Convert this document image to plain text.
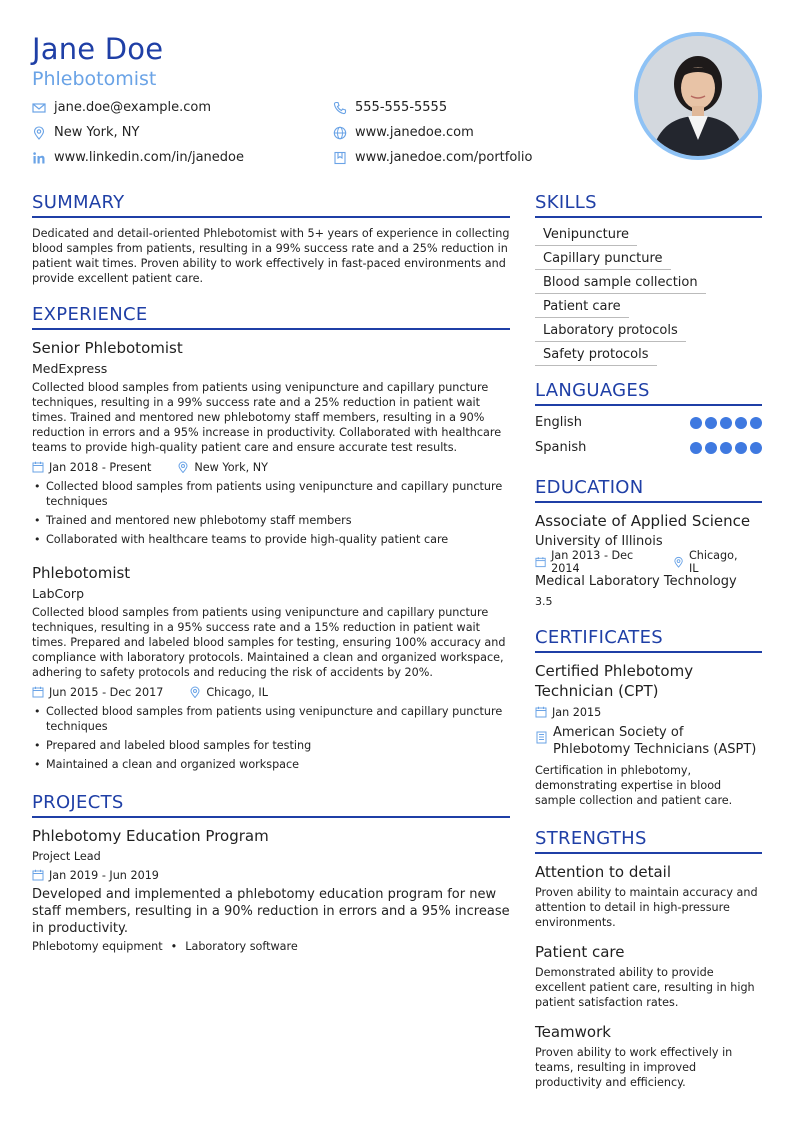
Jane Doe
Phlebotomist
jane.doe@example.com	555-555-5555
New York, NY	www.janedoe.com
www.linkedin.com/in/janedoe	www.janedoe.com/portfolio
SUMMARY
Dedicated and detail-oriented Phlebotomist with 5+ years of experience in collecting blood samples from patients, resulting in a 99% success rate and a 25% reduction in patient wait times. Proven ability to work effectively in fast-paced environments and provide excellent patient care.
EXPERIENCE
Senior Phlebotomist
MedExpress
Collected blood samples from patients using venipuncture and capillary puncture techniques, resulting in a 99% success rate and a 25% reduction in patient wait times. Trained and mentored new phlebotomy staff members, resulting in a 90% reduction in errors and a 95% increase in productivity. Collaborated with healthcare teams to provide high-quality patient care and ensure accurate test results.
Jan 2018 - Present	New York, NY
• Collected blood samples from patients using venipuncture and capillary puncture techniques
• Trained and mentored new phlebotomy staff members
• Collaborated with healthcare teams to provide high-quality patient care
Phlebotomist
LabCorp
Collected blood samples from patients using venipuncture and capillary puncture techniques, resulting in a 95% success rate and a 15% reduction in patient wait times. Prepared and labeled blood samples for testing, ensuring 100% accuracy and compliance with laboratory protocols. Maintained a clean and organized workspace, adhering to safety protocols and reducing the risk of accidents by 20%.
Jun 2015 - Dec 2017	Chicago, IL
• Collected blood samples from patients using venipuncture and capillary puncture techniques
• Prepared and labeled blood samples for testing
• Maintained a clean and organized workspace
PROJECTS
Phlebotomy Education Program
Project Lead
Jan 2019 - Jun 2019
Developed and implemented a phlebotomy education program for new staff members, resulting in a 90% reduction in errors and a 95% increase in productivity.
Phlebotomy equipment • Laboratory software
SKILLS
Venipuncture
Capillary puncture
Blood sample collection
Patient care
Laboratory protocols
Safety protocols
LANGUAGES
English
Spanish
EDUCATION
Associate of Applied Science
University of Illinois
Jan 2013 - Dec 2014
Chicago, IL
Medical Laboratory Technology
3.5
CERTIFICATES
Certified Phlebotomy Technician (CPT)
Jan 2015
American Society of Phlebotomy Technicians (ASPT)
Certification in phlebotomy, demonstrating expertise in blood sample collection and patient care.
STRENGTHS
Attention to detail
Proven ability to maintain accuracy and attention to detail in high-pressure environments.
Patient care
Demonstrated ability to provide excellent patient care, resulting in high patient satisfaction rates.
Teamwork
Proven ability to work effectively in teams, resulting in improved productivity and efficiency.
